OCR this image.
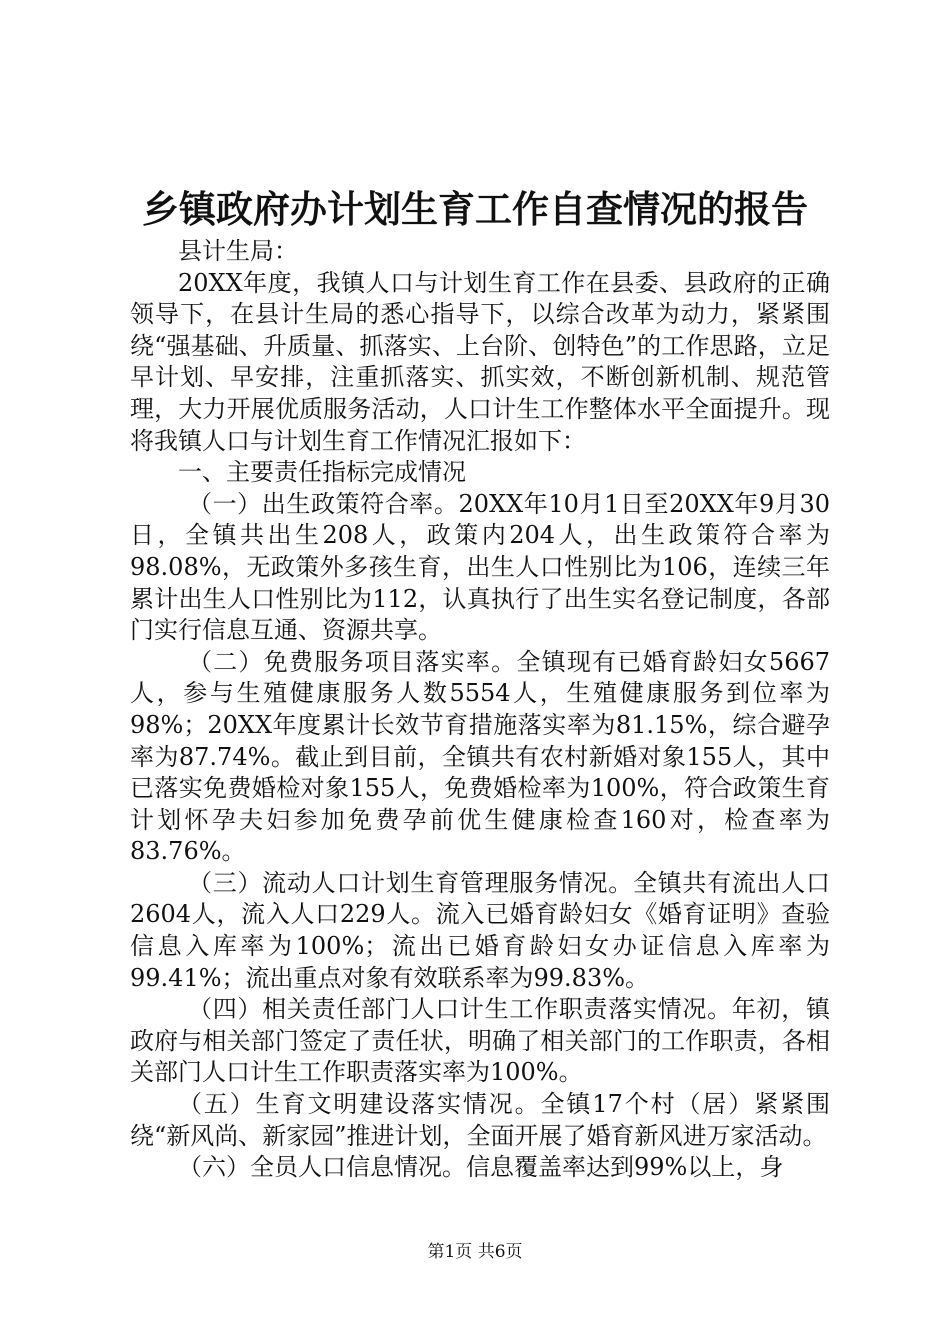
乡镇政府办计划生育工作自查情况的报告

县计生局：

20XX年度，我镇人口与计划生育工作在县委、县政府的正确领导下，在县计生局的悉心指导下，以综合改革为动力，紧紧围绕“强基础、升质量、抓落实、上台阶、创特色”的工作思路，立足早计划、早安排，注重抓落实、抓实效，不断创新机制、规范管理，大力开展优质服务活动，人口计生工作整体水平全面提升。现将我镇人口与计划生育工作情况汇报如下：

一、主要责任指标完成情况

（一）出生政策符合率。20XX年10月1日至20XX年9月30日，全镇共出生208人，政策内204人，出生政策符合率为98.08%，无政策外多孩生育，出生人口性别比为106，连续三年累计出生人口性别比为112，认真执行了出生实名登记制度，各部门实行信息互通、资源共享。

（二）免费服务项目落实率。全镇现有已婚育龄妇女5667人，参与生殖健康服务人数5554人，生殖健康服务到位率为98%；20XX年度累计长效节育措施落实率为81.15%，综合避孕率为87.74%。截止到目前，全镇共有农村新婚对象155人，其中已落实免费婚检对象155人，免费婚检率为100%，符合政策生育计划怀孕夫妇参加免费孕前优生健康检查160对，检查率为83.76%。

（三）流动人口计划生育管理服务情况。全镇共有流出人口2604人，流入人口229人。流入已婚育龄妇女《婚育证明》查验信息入库率为100%；流出已婚育龄妇女办证信息入库率为99.41%；流出重点对象有效联系率为99.83%。

（四）相关责任部门人口计生工作职责落实情况。年初，镇政府与相关部门签定了责任状，明确了相关部门的工作职责，各相关部门人口计生工作职责落实率为100%。

（五）生育文明建设落实情况。全镇17个村（居）紧紧围绕“新风尚、新家园”推进计划，全面开展了婚育新风进万家活动。

（六）全员人口信息情况。信息覆盖率达到99%以上，身

第1页 共6页
